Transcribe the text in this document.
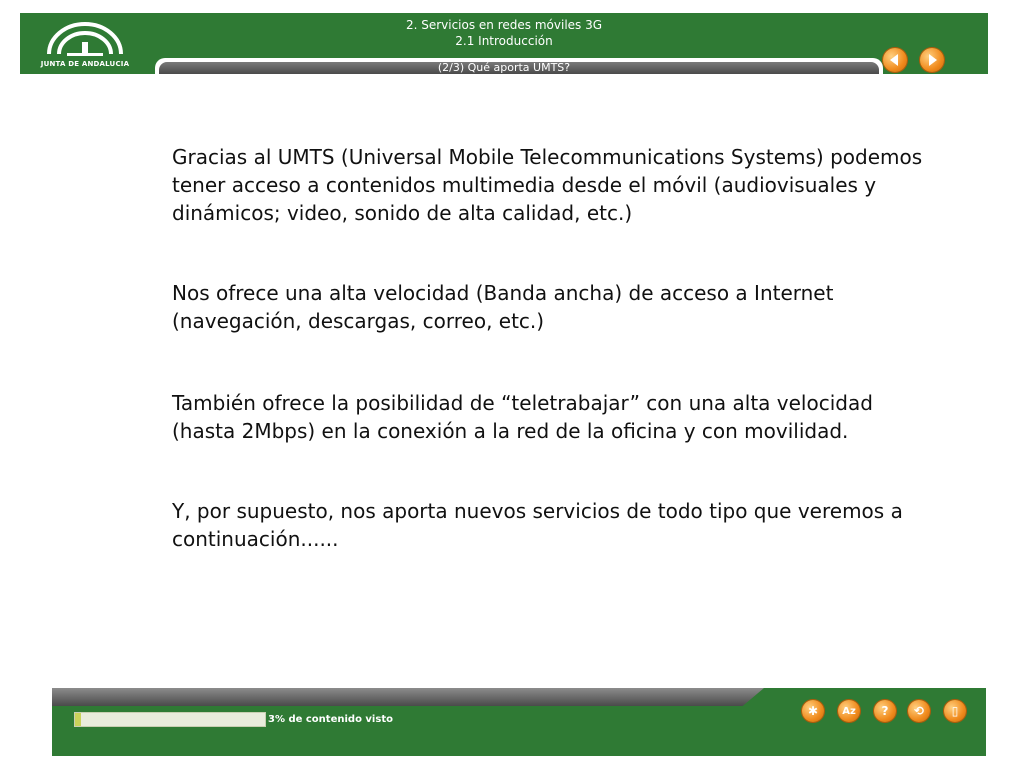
JUNTA DE ANDALUCIA
2. Servicios en redes móviles 3G
2.1 Introducción
(2/3) Qué aporta UMTS?

Gracias al UMTS (Universal Mobile Telecommunications Systems) podemos tener acceso a contenidos multimedia desde el móvil (audiovisuales y dinámicos; video, sonido de alta calidad, etc.)

Nos ofrece una alta velocidad (Banda ancha) de acceso a Internet (navegación, descargas, correo, etc.)

También ofrece la posibilidad de “teletrabajar” con una alta velocidad (hasta 2Mbps) en la conexión a la red de la oficina y con movilidad.

Y, por supuesto, nos aporta nuevos servicios de todo tipo que veremos a continuación......

3% de contenido visto
✱	Az	?	⟲	▯
